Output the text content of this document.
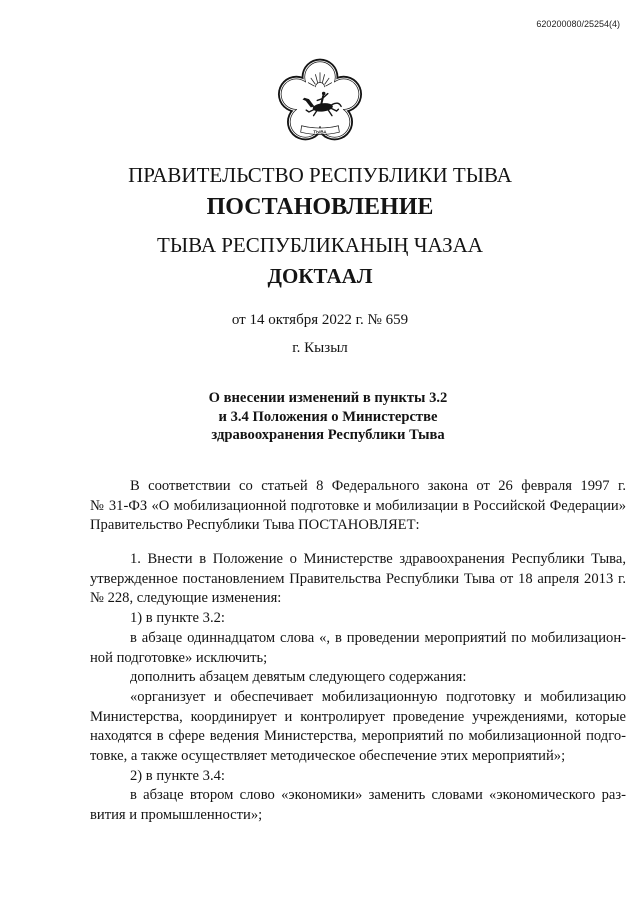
620200080/25254(4)
ТЫВА
ПРАВИТЕЛЬСТВО РЕСПУБЛИКИ ТЫВА
ПОСТАНОВЛЕНИЕ
ТЫВА РЕСПУБЛИКАНЫҢ ЧАЗАА
ДОКТААЛ
от 14 октября 2022 г. № 659
г. Кызыл
О внесении изменений в пункты 3.2
и 3.4 Положения о Министерстве
здравоохранения Республики Тыва
В соответствии со статьей 8 Федерального закона от 26 февраля 1997 г.
№ 31-ФЗ «О мобилизационной подготовке и мобилизации в Российской Федерации»
Правительство Республики Тыва ПОСТАНОВЛЯЕТ:
1. Внести в Положение о Министерстве здравоохранения Республики Тыва,
утвержденное постановлением Правительства Республики Тыва от 18 апреля 2013 г.
№ 228, следующие изменения:
1) в пункте 3.2:
в абзаце одиннадцатом слова «, в проведении мероприятий по мобилизацион-
ной подготовке» исключить;
дополнить абзацем девятым следующего содержания:
«организует и обеспечивает мобилизационную подготовку и мобилизацию
Министерства, координирует и контролирует проведение учреждениями, которые
находятся в сфере ведения Министерства, мероприятий по мобилизационной подго-
товке, а также осуществляет методическое обеспечение этих мероприятий»;
2) в пункте 3.4:
в абзаце втором слово «экономики» заменить словами «экономического раз-
вития и промышленности»;
